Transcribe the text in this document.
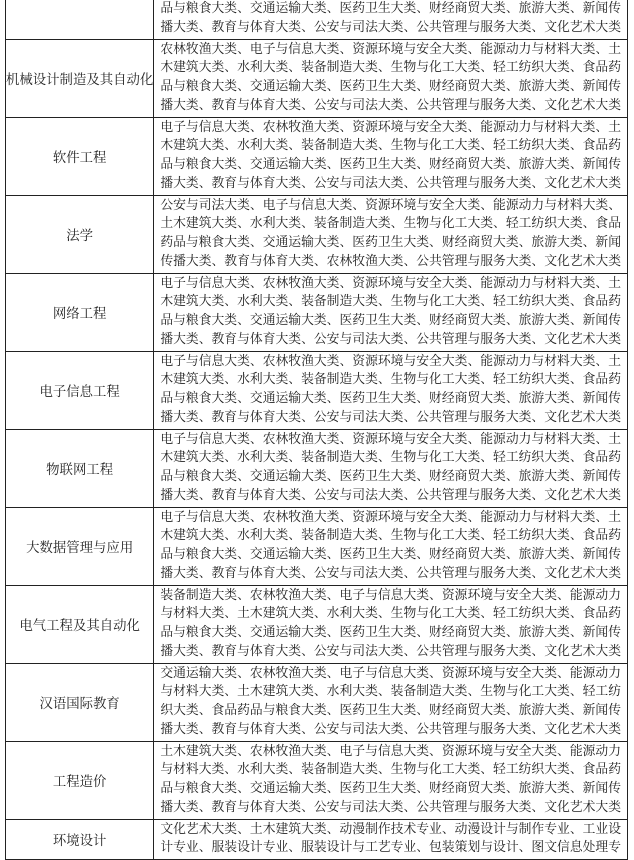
	品与粮食大类、交通运输大类、医药卫生大类、财经商贸大类、旅游大类、新闻传
播大类、教育与体育大类、公安与司法大类、公共管理与服务大类、文化艺术大类

机械设计制造及其自动化	农林牧渔大类、电子与信息大类、资源环境与安全大类、能源动力与材料大类、土
木建筑大类、水利大类、装备制造大类、生物与化工大类、轻工纺织大类、食品药
品与粮食大类、交通运输大类、医药卫生大类、财经商贸大类、旅游大类、新闻传
播大类、教育与体育大类、公安与司法大类、公共管理与服务大类、文化艺术大类

软件工程	电子与信息大类、农林牧渔大类、资源环境与安全大类、能源动力与材料大类、土
木建筑大类、水利大类、装备制造大类、生物与化工大类、轻工纺织大类、食品药
品与粮食大类、交通运输大类、医药卫生大类、财经商贸大类、旅游大类、新闻传
播大类、教育与体育大类、公安与司法大类、公共管理与服务大类、文化艺术大类

法学	公安与司法大类、电子与信息大类、资源环境与安全大类、能源动力与材料大类、
土木建筑大类、水利大类、装备制造大类、生物与化工大类、轻工纺织大类、食品
药品与粮食大类、交通运输大类、医药卫生大类、财经商贸大类、旅游大类、新闻
传播大类、教育与体育大类、农林牧渔大类、公共管理与服务大类、文化艺术大类

网络工程	电子与信息大类、农林牧渔大类、资源环境与安全大类、能源动力与材料大类、土
木建筑大类、水利大类、装备制造大类、生物与化工大类、轻工纺织大类、食品药
品与粮食大类、交通运输大类、医药卫生大类、财经商贸大类、旅游大类、新闻传
播大类、教育与体育大类、公安与司法大类、公共管理与服务大类、文化艺术大类

电子信息工程	电子与信息大类、农林牧渔大类、资源环境与安全大类、能源动力与材料大类、土
木建筑大类、水利大类、装备制造大类、生物与化工大类、轻工纺织大类、食品药
品与粮食大类、交通运输大类、医药卫生大类、财经商贸大类、旅游大类、新闻传
播大类、教育与体育大类、公安与司法大类、公共管理与服务大类、文化艺术大类

物联网工程	电子与信息大类、农林牧渔大类、资源环境与安全大类、能源动力与材料大类、土
木建筑大类、水利大类、装备制造大类、生物与化工大类、轻工纺织大类、食品药
品与粮食大类、交通运输大类、医药卫生大类、财经商贸大类、旅游大类、新闻传
播大类、教育与体育大类、公安与司法大类、公共管理与服务大类、文化艺术大类

大数据管理与应用	电子与信息大类、农林牧渔大类、资源环境与安全大类、能源动力与材料大类、土
木建筑大类、水利大类、装备制造大类、生物与化工大类、轻工纺织大类、食品药
品与粮食大类、交通运输大类、医药卫生大类、财经商贸大类、旅游大类、新闻传
播大类、教育与体育大类、公安与司法大类、公共管理与服务大类、文化艺术大类

电气工程及其自动化	装备制造大类、农林牧渔大类、电子与信息大类、资源环境与安全大类、能源动力
与材料大类、土木建筑大类、水利大类、生物与化工大类、轻工纺织大类、食品药
品与粮食大类、交通运输大类、医药卫生大类、财经商贸大类、旅游大类、新闻传
播大类、教育与体育大类、公安与司法大类、公共管理与服务大类、文化艺术大类

汉语国际教育	交通运输大类、农林牧渔大类、电子与信息大类、资源环境与安全大类、能源动力
与材料大类、土木建筑大类、水利大类、装备制造大类、生物与化工大类、轻工纺
织大类、食品药品与粮食大类、医药卫生大类、财经商贸大类、旅游大类、新闻传
播大类、教育与体育大类、公安与司法大类、公共管理与服务大类、文化艺术大类

工程造价	土木建筑大类、农林牧渔大类、电子与信息大类、资源环境与安全大类、能源动力
与材料大类、水利大类、装备制造大类、生物与化工大类、轻工纺织大类、食品药
品与粮食大类、交通运输大类、医药卫生大类、财经商贸大类、旅游大类、新闻传
播大类、教育与体育大类、公安与司法大类、公共管理与服务大类、文化艺术大类

环境设计	文化艺术大类、土木建筑大类、动漫制作技术专业、动漫设计与制作专业、工业设
计专业、服装设计专业、服装设计与工艺专业、包装策划与设计、图文信息处理专
